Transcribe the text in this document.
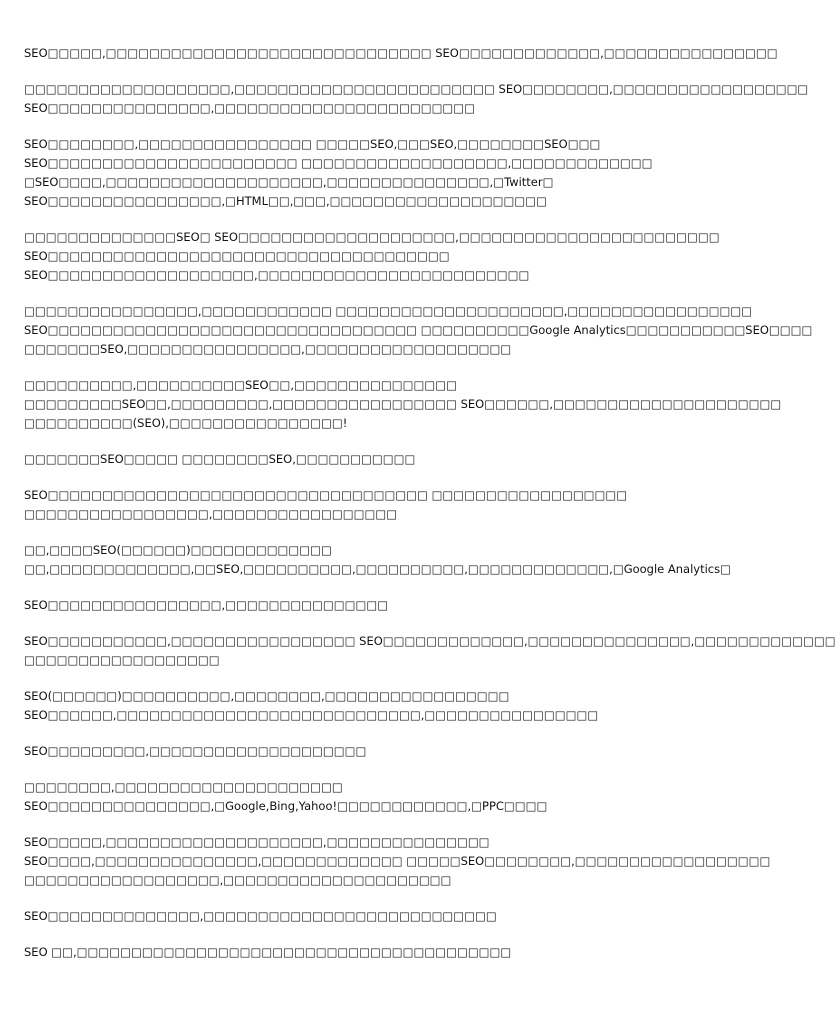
SEO□□□□□,□□□□□□□□□□□□□□□□□□□□□□□□□□□□□□ SEO□□□□□□□□□□□□□,□□□□□□□□□□□□□□□□
□□□□□□□□□□□□□□□□□□□,□□□□□□□□□□□□□□□□□□□□□□□□ SEO□□□□□□□□,□□□□□□□□□□□□□□□□□□
SEO□□□□□□□□□□□□□□□,□□□□□□□□□□□□□□□□□□□□□□□□
SEO□□□□□□□□,□□□□□□□□□□□□□□□□ □□□□□SEO,□□□SEO,□□□□□□□□SEO□□□
SEO□□□□□□□□□□□□□□□□□□□□□□□ □□□□□□□□□□□□□□□□□□□,□□□□□□□□□□□□□
□SEO□□□□,□□□□□□□□□□□□□□□□□□□□,□□□□□□□□□□□□□□□,□Twitter□
SEO□□□□□□□□□□□□□□□□,□HTML□□,□□□,□□□□□□□□□□□□□□□□□□□□
□□□□□□□□□□□□□□SEO□ SEO□□□□□□□□□□□□□□□□□□□□,□□□□□□□□□□□□□□□□□□□□□□□□
SEO□□□□□□□□□□□□□□□□□□□□□□□□□□□□□□□□□□□□□
SEO□□□□□□□□□□□□□□□□□□□,□□□□□□□□□□□□□□□□□□□□□□□□□
□□□□□□□□□□□□□□□□,□□□□□□□□□□□□ □□□□□□□□□□□□□□□□□□□□□,□□□□□□□□□□□□□□□□□
SEO□□□□□□□□□□□□□□□□□□□□□□□□□□□□□□□□□□ □□□□□□□□□□Google Analytics□□□□□□□□□□□SEO□□□□
□□□□□□□SEO,□□□□□□□□□□□□□□□□,□□□□□□□□□□□□□□□□□□□
□□□□□□□□□□,□□□□□□□□□□SEO□□,□□□□□□□□□□□□□□□
□□□□□□□□□SEO□□,□□□□□□□□□,□□□□□□□□□□□□□□□□□ SEO□□□□□□,□□□□□□□□□□□□□□□□□□□□□
□□□□□□□□□□(SEO),□□□□□□□□□□□□□□□□!
□□□□□□□SEO□□□□□ □□□□□□□□SEO,□□□□□□□□□□□
SEO□□□□□□□□□□□□□□□□□□□□□□□□□□□□□□□□□□□ □□□□□□□□□□□□□□□□□□
□□□□□□□□□□□□□□□□□,□□□□□□□□□□□□□□□□□
□□,□□□□SEO(□□□□□□)□□□□□□□□□□□□□
□□,□□□□□□□□□□□□□,□□SEO,□□□□□□□□□□,□□□□□□□□□□,□□□□□□□□□□□□□,□Google Analytics□
SEO□□□□□□□□□□□□□□□□,□□□□□□□□□□□□□□□
SEO□□□□□□□□□□□,□□□□□□□□□□□□□□□□□ SEO□□□□□□□□□□□□□,□□□□□□□□□□□□□□□,□□□□□□□□□□□□□
□□□□□□□□□□□□□□□□□□
SEO(□□□□□□)□□□□□□□□□□,□□□□□□□□,□□□□□□□□□□□□□□□□□
SEO□□□□□□,□□□□□□□□□□□□□□□□□□□□□□□□□□□□,□□□□□□□□□□□□□□□□
SEO□□□□□□□□□,□□□□□□□□□□□□□□□□□□□□
□□□□□□□□,□□□□□□□□□□□□□□□□□□□□□
SEO□□□□□□□□□□□□□□□,□Google,Bing,Yahoo!□□□□□□□□□□□□,□PPC□□□□
SEO□□□□□,□□□□□□□□□□□□□□□□□□□□,□□□□□□□□□□□□□□□
SEO□□□□,□□□□□□□□□□□□□□□,□□□□□□□□□□□□□ □□□□□SEO□□□□□□□□,□□□□□□□□□□□□□□□□□□
□□□□□□□□□□□□□□□□□□,□□□□□□□□□□□□□□□□□□□□□
SEO□□□□□□□□□□□□□□,□□□□□□□□□□□□□□□□□□□□□□□□□□□
SEO □□,□□□□□□□□□□□□□□□□□□□□□□□□□□□□□□□□□□□□□□□□
